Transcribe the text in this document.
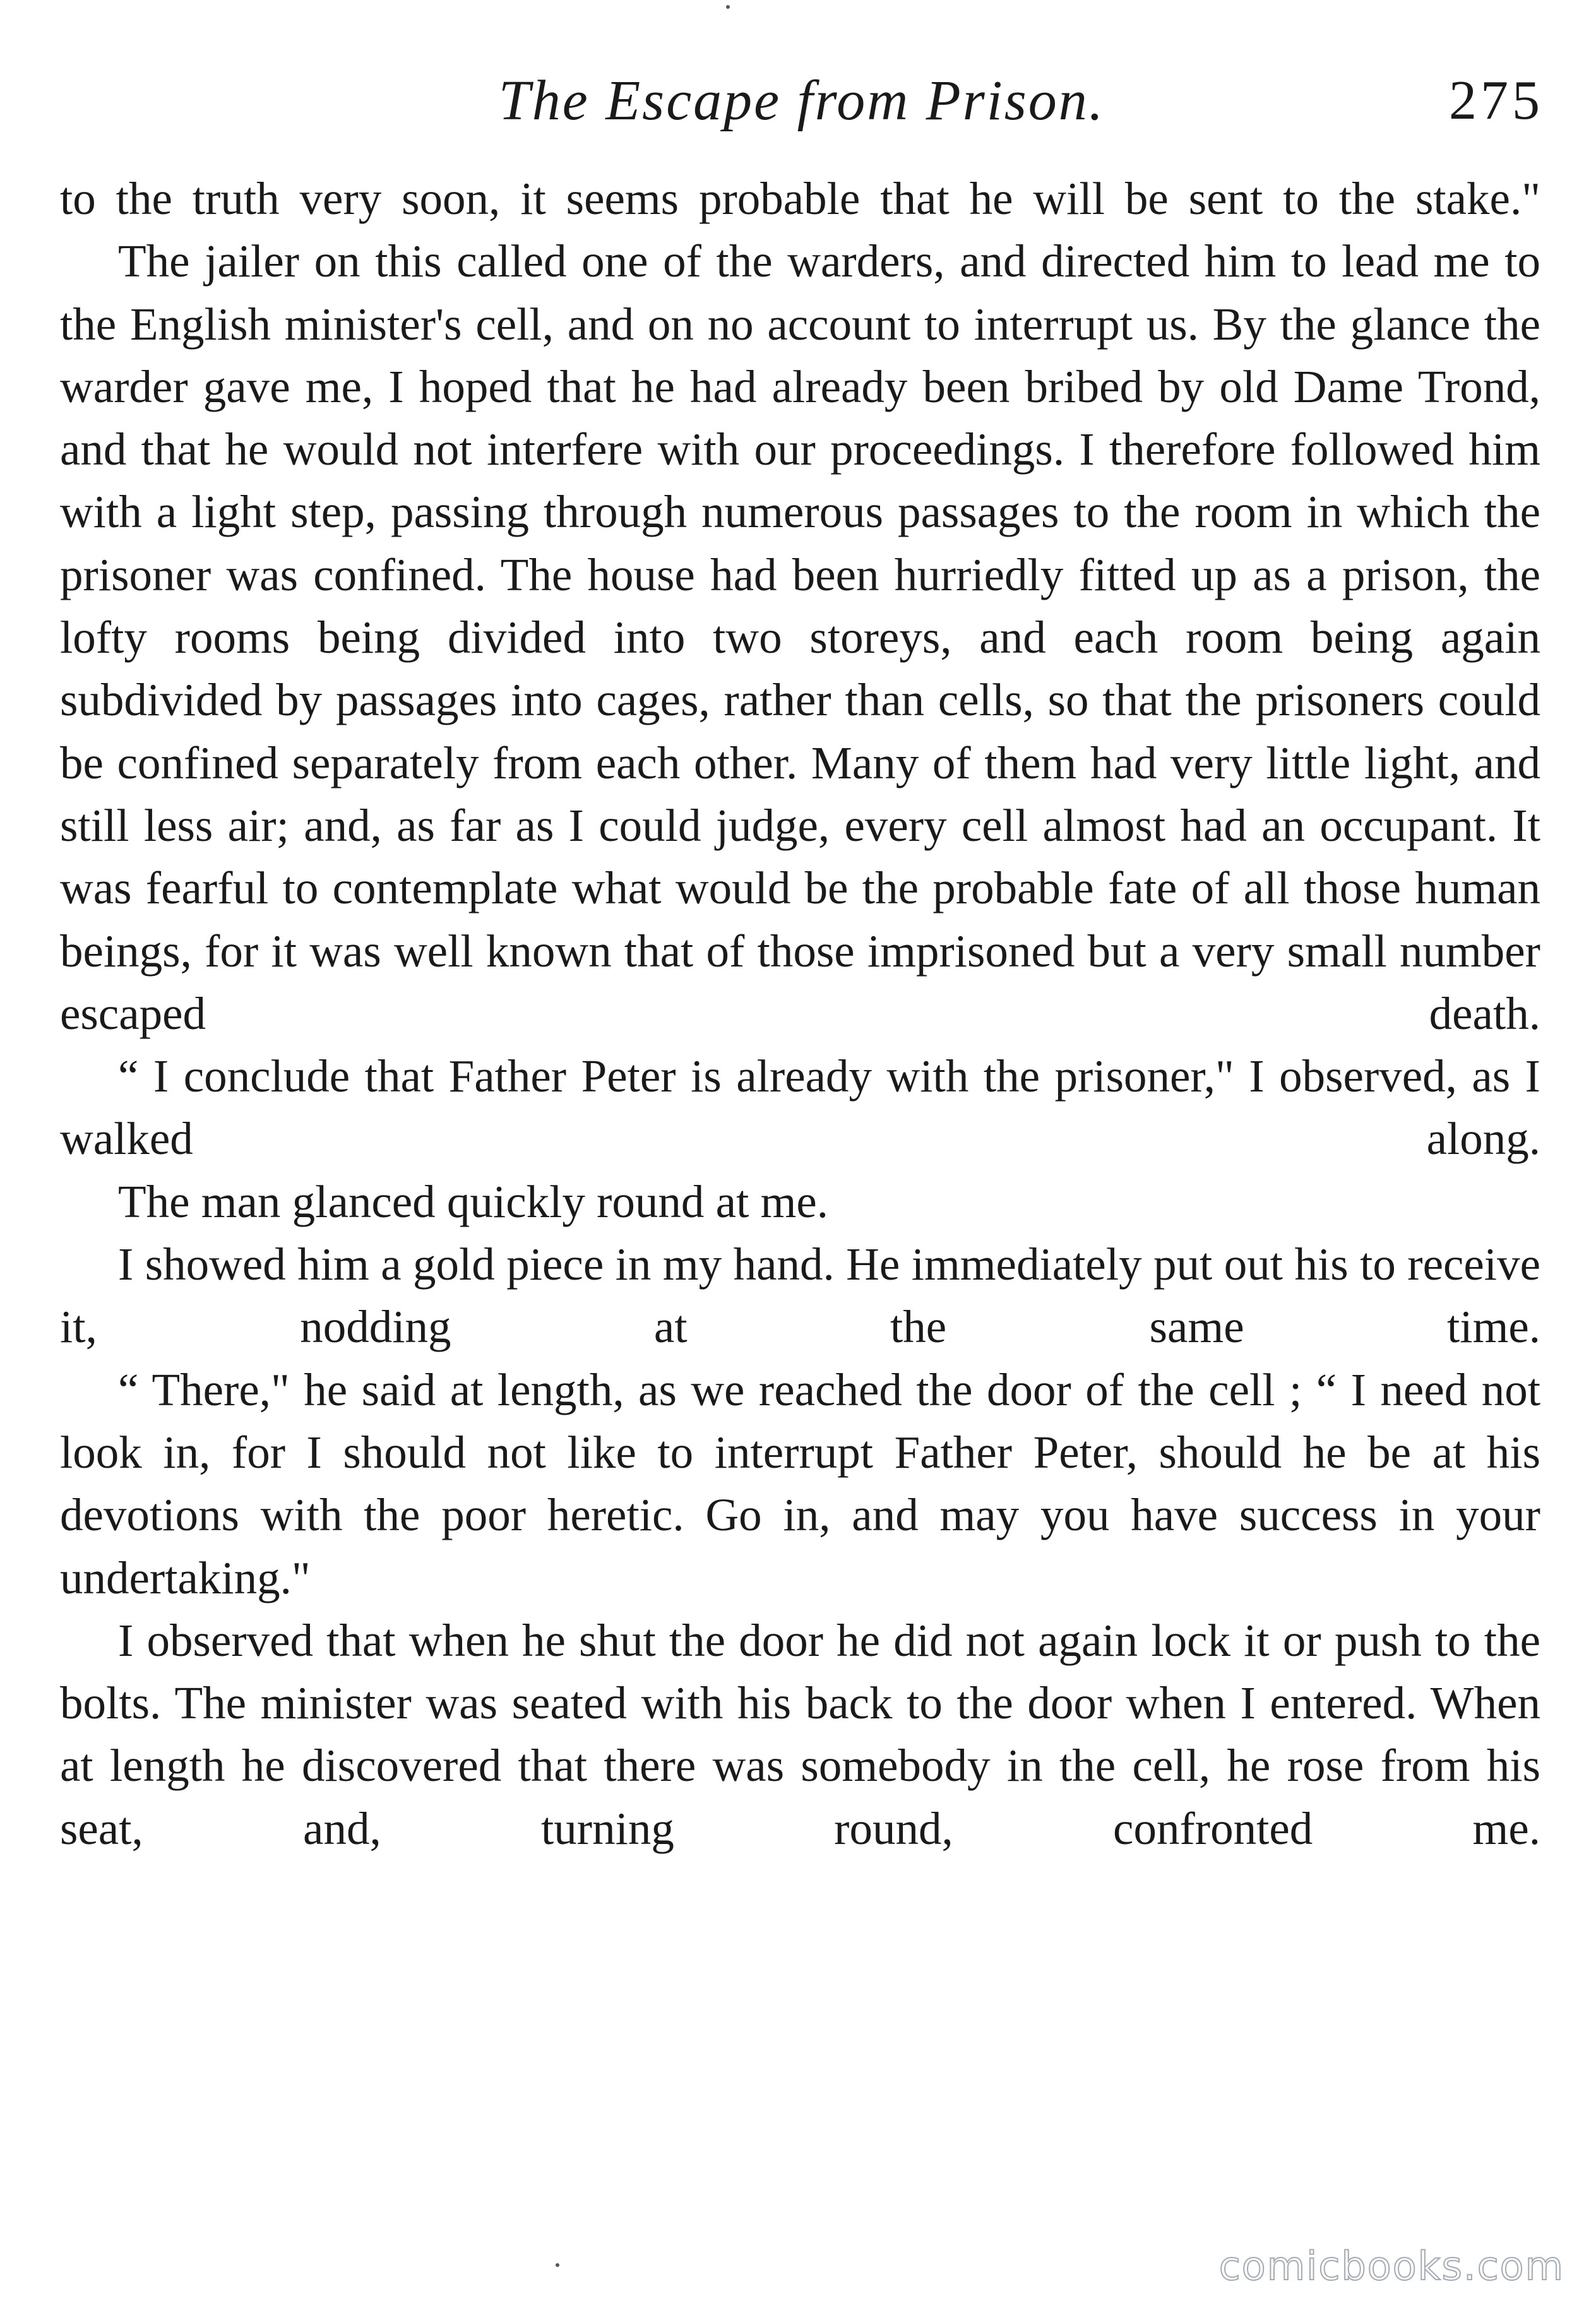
The Escape from Prison.	275

to the truth very soon, it seems probable that he will be sent to the stake."

The jailer on this called one of the warders, and directed him to lead me to the English minister's cell, and on no account to interrupt us. By the glance the warder gave me, I hoped that he had already been bribed by old Dame Trond, and that he would not interfere with our proceedings. I therefore followed him with a light step, passing through numerous passages to the room in which the prisoner was confined. The house had been hurriedly fitted up as a prison, the lofty rooms being divided into two storeys, and each room being again subdivided by passages into cages, rather than cells, so that the prisoners could be confined separately from each other. Many of them had very little light, and still less air; and, as far as I could judge, every cell almost had an occupant. It was fearful to contemplate what would be the probable fate of all those human beings, for it was well known that of those imprisoned but a very small number escaped death.

“ I conclude that Father Peter is already with the prisoner," I observed, as I walked along.

The man glanced quickly round at me.

I showed him a gold piece in my hand. He immediately put out his to receive it, nodding at the same time.

“ There," he said at length, as we reached the door of the cell ; “ I need not look in, for I should not like to interrupt Father Peter, should he be at his devotions with the poor heretic. Go in, and may you have success in your undertaking."

I observed that when he shut the door he did not again lock it or push to the bolts. The minister was seated with his back to the door when I entered. When at length he discovered that there was somebody in the cell, he rose from his seat, and, turning round, confronted me.

comicbooks.com
